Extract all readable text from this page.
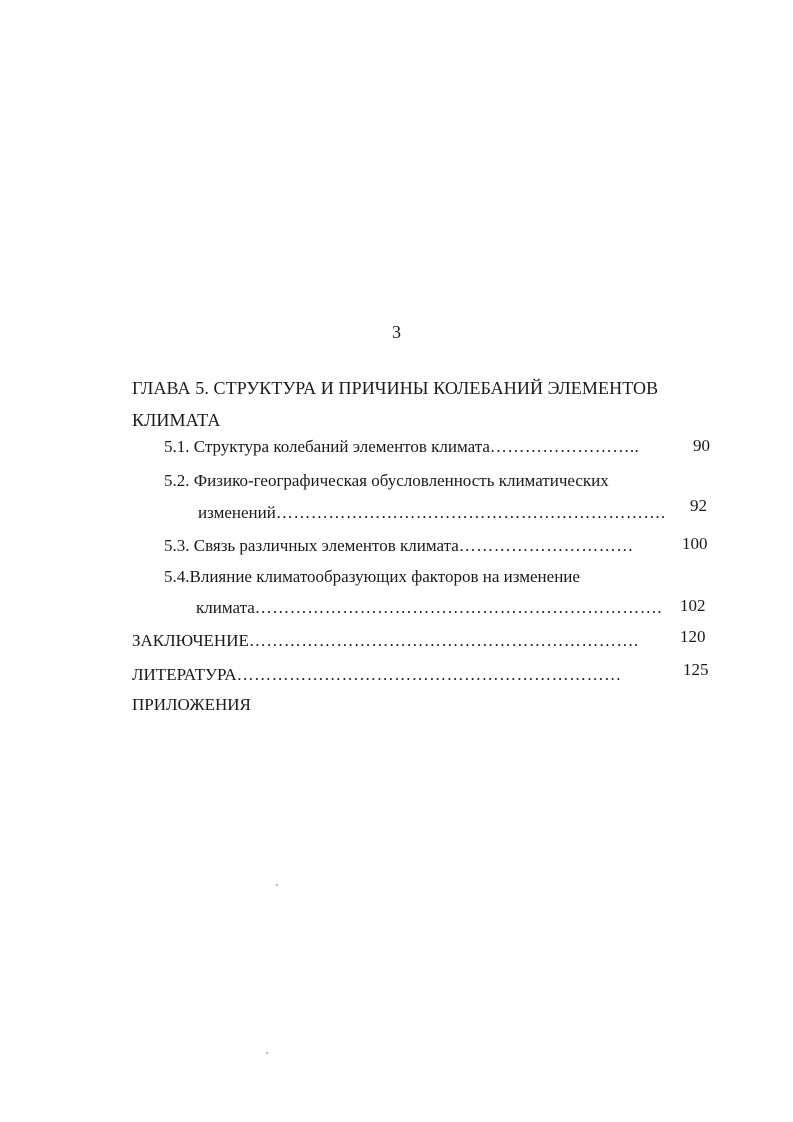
3
ГЛАВА 5. СТРУКТУРА И ПРИЧИНЫ КОЛЕБАНИЙ ЭЛЕМЕНТОВ
КЛИМАТА
5.1. Структура колебаний элементов климата……………………..	90
5.2. Физико-географическая обусловленность климатических
изменений…………………………………………………………. 92
5.3. Связь различных элементов климата…………………………	100
5.4.Влияние климатообразующих факторов на изменение
климата……………………………………………………………. 102
ЗАКЛЮЧЕНИЕ…………………………………………………………. 120
ЛИТЕРАТУРА…………………………………………………………	125
ПРИЛОЖЕНИЯ
